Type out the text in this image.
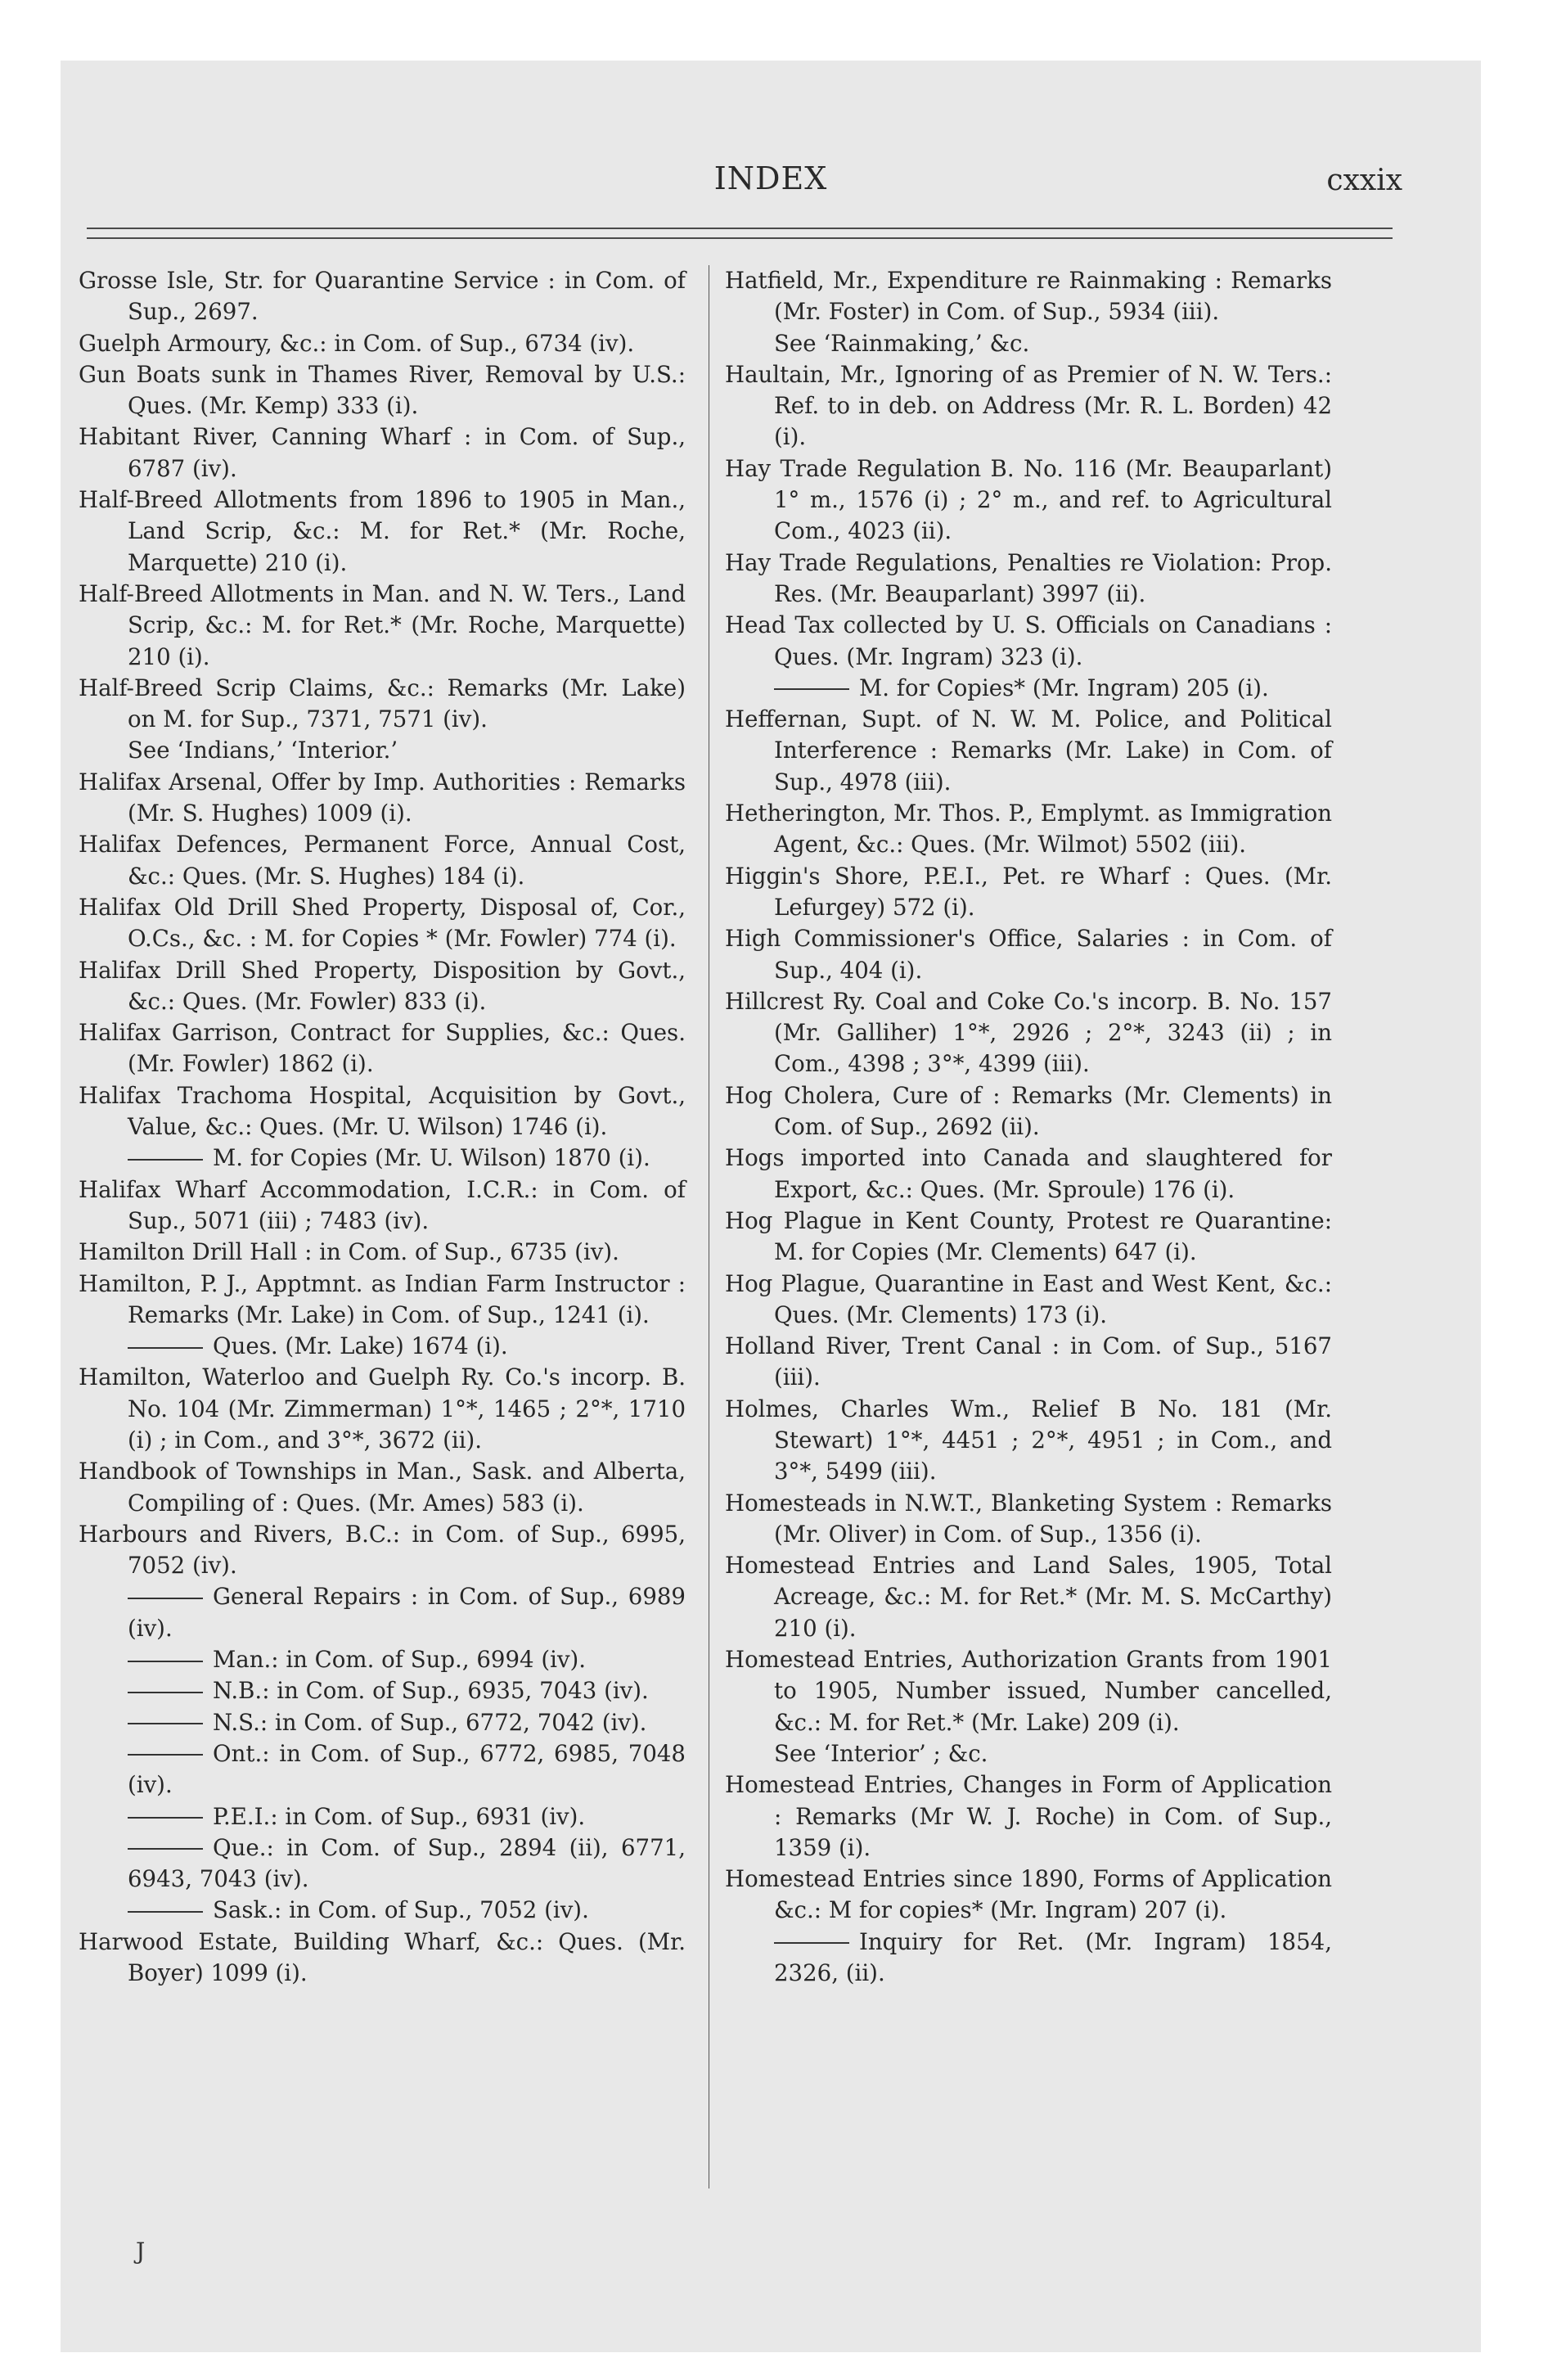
INDEX	cxxix
Grosse Isle, Str. for Quarantine Service : in Com. of Sup., 2697.
Guelph Armoury, &c.: in Com. of Sup., 6734 (iv).
Gun Boats sunk in Thames River, Removal by U.S.: Ques. (Mr. Kemp) 333 (i).
Habitant River, Canning Wharf : in Com. of Sup., 6787 (iv).
Half-Breed Allotments from 1896 to 1905 in Man., Land Scrip, &c.: M. for Ret.* (Mr. Roche, Marquette) 210 (i).
Half-Breed Allotments in Man. and N. W. Ters., Land Scrip, &c.: M. for Ret.* (Mr. Roche, Marquette) 210 (i).
Half-Breed Scrip Claims, &c.: Remarks (Mr. Lake) on M. for Sup., 7371, 7571 (iv).
See ‘Indians,’ ‘Interior.’
Halifax Arsenal, Offer by Imp. Authorities : Remarks (Mr. S. Hughes) 1009 (i).
Halifax Defences, Permanent Force, Annual Cost, &c.: Ques. (Mr. S. Hughes) 184 (i).
Halifax Old Drill Shed Property, Disposal of, Cor., O.Cs., &c. : M. for Copies * (Mr. Fowler) 774 (i).
Halifax Drill Shed Property, Disposition by Govt., &c.: Ques. (Mr. Fowler) 833 (i).
Halifax Garrison, Contract for Supplies, &c.: Ques. (Mr. Fowler) 1862 (i).
Halifax Trachoma Hospital, Acquisition by Govt., Value, &c.: Ques. (Mr. U. Wilson) 1746 (i).
M. for Copies (Mr. U. Wilson) 1870 (i).
Halifax Wharf Accommodation, I.C.R.: in Com. of Sup., 5071 (iii) ; 7483 (iv).
Hamilton Drill Hall : in Com. of Sup., 6735 (iv).
Hamilton, P. J., Apptmnt. as Indian Farm Instructor : Remarks (Mr. Lake) in Com. of Sup., 1241 (i).
Ques. (Mr. Lake) 1674 (i).
Hamilton, Waterloo and Guelph Ry. Co.'s incorp. B. No. 104 (Mr. Zimmerman) 1°*, 1465 ; 2°*, 1710 (i) ; in Com., and 3°*, 3672 (ii).
Handbook of Townships in Man., Sask. and Alberta, Compiling of : Ques. (Mr. Ames) 583 (i).
Harbours and Rivers, B.C.: in Com. of Sup., 6995, 7052 (iv).
General Repairs : in Com. of Sup., 6989 (iv).
Man.: in Com. of Sup., 6994 (iv).
N.B.: in Com. of Sup., 6935, 7043 (iv).
N.S.: in Com. of Sup., 6772, 7042 (iv).
Ont.: in Com. of Sup., 6772, 6985, 7048 (iv).
P.E.I.: in Com. of Sup., 6931 (iv).
Que.: in Com. of Sup., 2894 (ii), 6771, 6943, 7043 (iv).
Sask.: in Com. of Sup., 7052 (iv).
Harwood Estate, Building Wharf, &c.: Ques. (Mr. Boyer) 1099 (i).
Hatfield, Mr., Expenditure re Rainmaking : Remarks (Mr. Foster) in Com. of Sup., 5934 (iii).
See ‘Rainmaking,’ &c.
Haultain, Mr., Ignoring of as Premier of N. W. Ters.: Ref. to in deb. on Address (Mr. R. L. Borden) 42 (i).
Hay Trade Regulation B. No. 116 (Mr. Beauparlant) 1° m., 1576 (i) ; 2° m., and ref. to Agricultural Com., 4023 (ii).
Hay Trade Regulations, Penalties re Violation: Prop. Res. (Mr. Beauparlant) 3997 (ii).
Head Tax collected by U. S. Officials on Canadians : Ques. (Mr. Ingram) 323 (i).
M. for Copies* (Mr. Ingram) 205 (i).
Heffernan, Supt. of N. W. M. Police, and Political Interference : Remarks (Mr. Lake) in Com. of Sup., 4978 (iii).
Hetherington, Mr. Thos. P., Emplymt. as Immigration Agent, &c.: Ques. (Mr. Wilmot) 5502 (iii).
Higgin's Shore, P.E.I., Pet. re Wharf : Ques. (Mr. Lefurgey) 572 (i).
High Commissioner's Office, Salaries : in Com. of Sup., 404 (i).
Hillcrest Ry. Coal and Coke Co.'s incorp. B. No. 157 (Mr. Galliher) 1°*, 2926 ; 2°*, 3243 (ii) ; in Com., 4398 ; 3°*, 4399 (iii).
Hog Cholera, Cure of : Remarks (Mr. Clements) in Com. of Sup., 2692 (ii).
Hogs imported into Canada and slaughtered for Export, &c.: Ques. (Mr. Sproule) 176 (i).
Hog Plague in Kent County, Protest re Quarantine: M. for Copies (Mr. Clements) 647 (i).
Hog Plague, Quarantine in East and West Kent, &c.: Ques. (Mr. Clements) 173 (i).
Holland River, Trent Canal : in Com. of Sup., 5167 (iii).
Holmes, Charles Wm., Relief B No. 181 (Mr. Stewart) 1°*, 4451 ; 2°*, 4951 ; in Com., and 3°*, 5499 (iii).
Homesteads in N.W.T., Blanketing System : Remarks (Mr. Oliver) in Com. of Sup., 1356 (i).
Homestead Entries and Land Sales, 1905, Total Acreage, &c.: M. for Ret.* (Mr. M. S. McCarthy) 210 (i).
Homestead Entries, Authorization Grants from 1901 to 1905, Number issued, Number cancelled, &c.: M. for Ret.* (Mr. Lake) 209 (i).
See ‘Interior’ ; &c.
Homestead Entries, Changes in Form of Application : Remarks (Mr W. J. Roche) in Com. of Sup., 1359 (i).
Homestead Entries since 1890, Forms of Application &c.: M for copies* (Mr. Ingram) 207 (i).
Inquiry for Ret. (Mr. Ingram) 1854, 2326, (ii).
J
